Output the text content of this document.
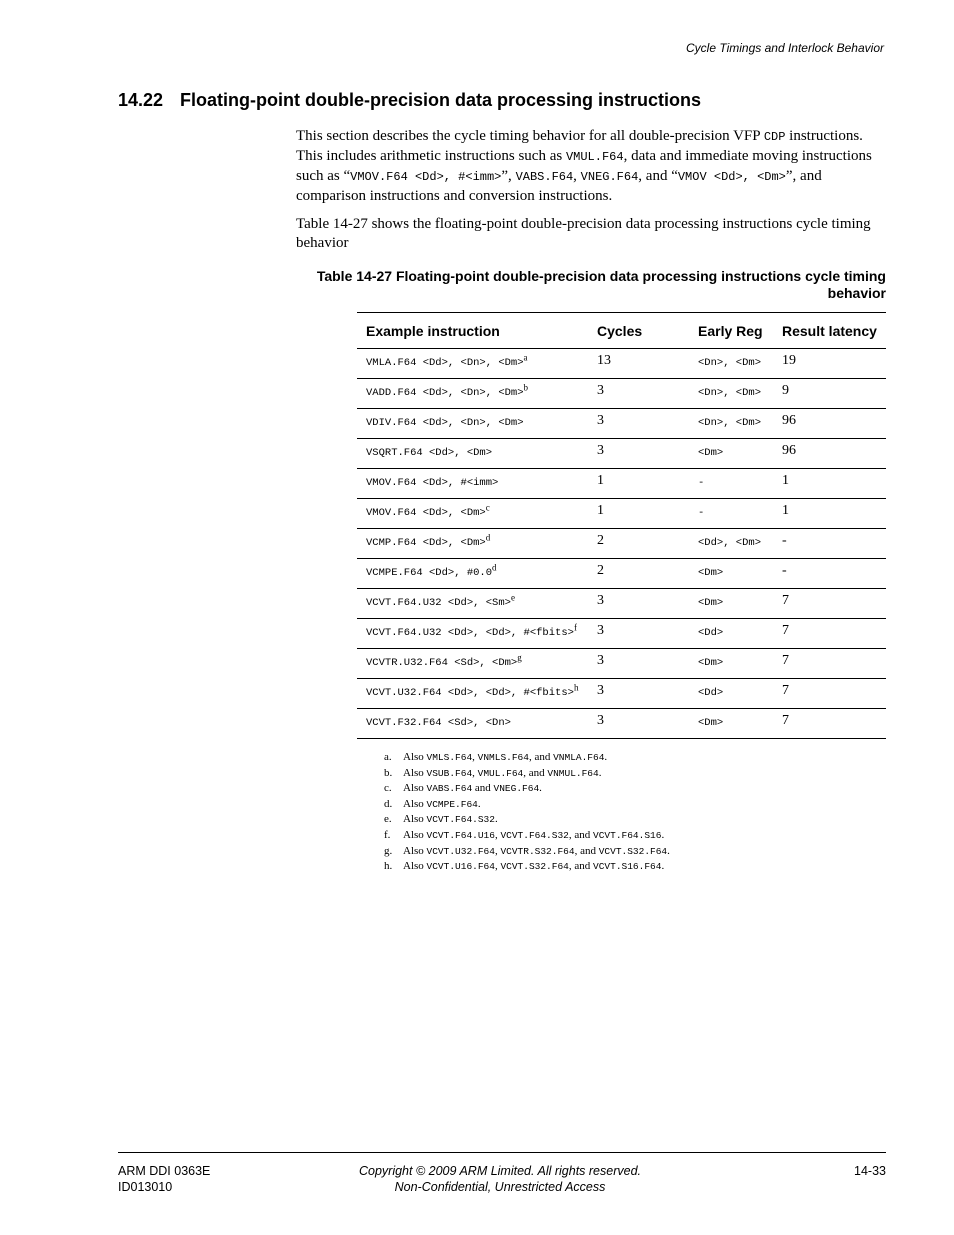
Cycle Timings and Interlock Behavior
14.22 Floating-point double-precision data processing instructions
This section describes the cycle timing behavior for all double-precision VFP CDP instructions. This includes arithmetic instructions such as VMUL.F64, data and immediate moving instructions such as “VMOV.F64 <Dd>, #<imm>”, VABS.F64, VNEG.F64, and “VMOV <Dd>, <Dm>”, and comparison instructions and conversion instructions.
Table 14-27 shows the floating-point double-precision data processing instructions cycle timing behavior
Table 14-27 Floating-point double-precision data processing instructions cycle timing
behavior
Example instruction	Cycles	Early Reg	Result latency
VMLA.F64 <Dd>, <Dn>, <Dm>a	13	<Dn>, <Dm>	19
VADD.F64 <Dd>, <Dn>, <Dm>b	3	<Dn>, <Dm>	9
VDIV.F64 <Dd>, <Dn>, <Dm>	3	<Dn>, <Dm>	96
VSQRT.F64 <Dd>, <Dm>	3	<Dm>	96
VMOV.F64 <Dd>, #<imm>	1	-	1
VMOV.F64 <Dd>, <Dm>c	1	-	1
VCMP.F64 <Dd>, <Dm>d	2	<Dd>, <Dm>	-
VCMPE.F64 <Dd>, #0.0d	2	<Dm>	-
VCVT.F64.U32 <Dd>, <Sm>e	3	<Dm>	7
VCVT.F64.U32 <Dd>, <Dd>, #<fbits>f	3	<Dd>	7
VCVTR.U32.F64 <Sd>, <Dm>g	3	<Dm>	7
VCVT.U32.F64 <Dd>, <Dd>, #<fbits>h	3	<Dd>	7
VCVT.F32.F64 <Sd>, <Dn>	3	<Dm>	7
a. Also VMLS.F64, VNMLS.F64, and VNMLA.F64.
b. Also VSUB.F64, VMUL.F64, and VNMUL.F64.
c. Also VABS.F64 and VNEG.F64.
d. Also VCMPE.F64.
e. Also VCVT.F64.S32.
f. Also VCVT.F64.U16, VCVT.F64.S32, and VCVT.F64.S16.
g. Also VCVT.U32.F64, VCVTR.S32.F64, and VCVT.S32.F64.
h. Also VCVT.U16.F64, VCVT.S32.F64, and VCVT.S16.F64.
ARM DDI 0363E
ID013010
Copyright © 2009 ARM Limited. All rights reserved.
Non-Confidential, Unrestricted Access
14-33
